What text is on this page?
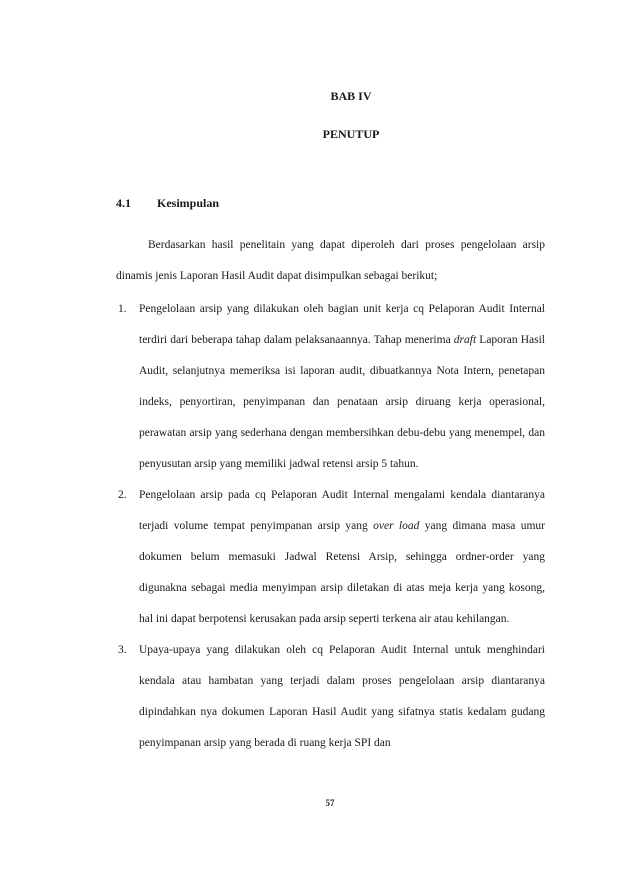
BAB IV
PENUTUP
4.1 Kesimpulan

Berdasarkan hasil penelitain yang dapat diperoleh dari proses pengelolaan arsip dinamis jenis Laporan Hasil Audit dapat disimpulkan sebagai berikut;

1. Pengelolaan arsip yang dilakukan oleh bagian unit kerja cq Pelaporan Audit Internal terdiri dari beberapa tahap dalam pelaksanaannya. Tahap menerima draft Laporan Hasil Audit, selanjutnya memeriksa isi laporan audit, dibuatkannya Nota Intern, penetapan indeks, penyortiran, penyimpanan dan penataan arsip diruang kerja operasional, perawatan arsip yang sederhana dengan membersihkan debu-debu yang menempel, dan penyusutan arsip yang memiliki jadwal retensi arsip 5 tahun.
2. Pengelolaan arsip pada cq Pelaporan Audit Internal mengalami kendala diantaranya terjadi volume tempat penyimpanan arsip yang over load yang dimana masa umur dokumen belum memasuki Jadwal Retensi Arsip, sehingga ordner-order yang digunakna sebagai media menyimpan arsip diletakan di atas meja kerja yang kosong, hal ini dapat berpotensi kerusakan pada arsip seperti terkena air atau kehilangan.
3. Upaya-upaya yang dilakukan oleh cq Pelaporan Audit Internal untuk menghindari kendala atau hambatan yang terjadi dalam proses pengelolaan arsip diantaranya dipindahkan nya dokumen Laporan Hasil Audit yang sifatnya statis kedalam gudang penyimpanan arsip yang berada di ruang kerja SPI dan
57
